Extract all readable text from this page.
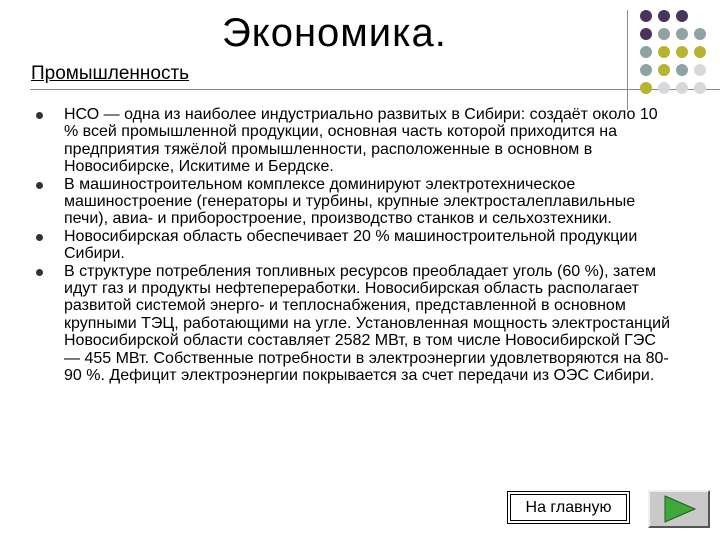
Экономика.
Промышленность
НСО — одна из наиболее индустриально развитых в Сибири: создаёт около 10 % всей промышленной продукции, основная часть которой приходится на предприятия тяжёлой промышленности, расположенные в основном в Новосибирске, Искитиме и Бердске.
В машиностроительном комплексе доминируют электротехническое машиностроение (генераторы и турбины, крупные электросталеплавильные печи), авиа- и приборостроение, производство станков и сельхозтехники.
Новосибирская область обеспечивает 20 % машиностроительной продукции Сибири.
В структуре потребления топливных ресурсов преобладает уголь (60 %), затем идут газ и продукты нефтепереработки. Новосибирская область располагает развитой системой энерго- и теплоснабжения, представленной в основном крупными ТЭЦ, работающими на угле. Установленная мощность электростанций Новосибирской области составляет 2582 МВт, в том числе Новосибирской ГЭС — 455 МВт. Собственные потребности в электроэнергии удовлетворяются на 80-90 %. Дефицит электроэнергии покрывается за счет передачи из ОЭС Сибири.
На главную
